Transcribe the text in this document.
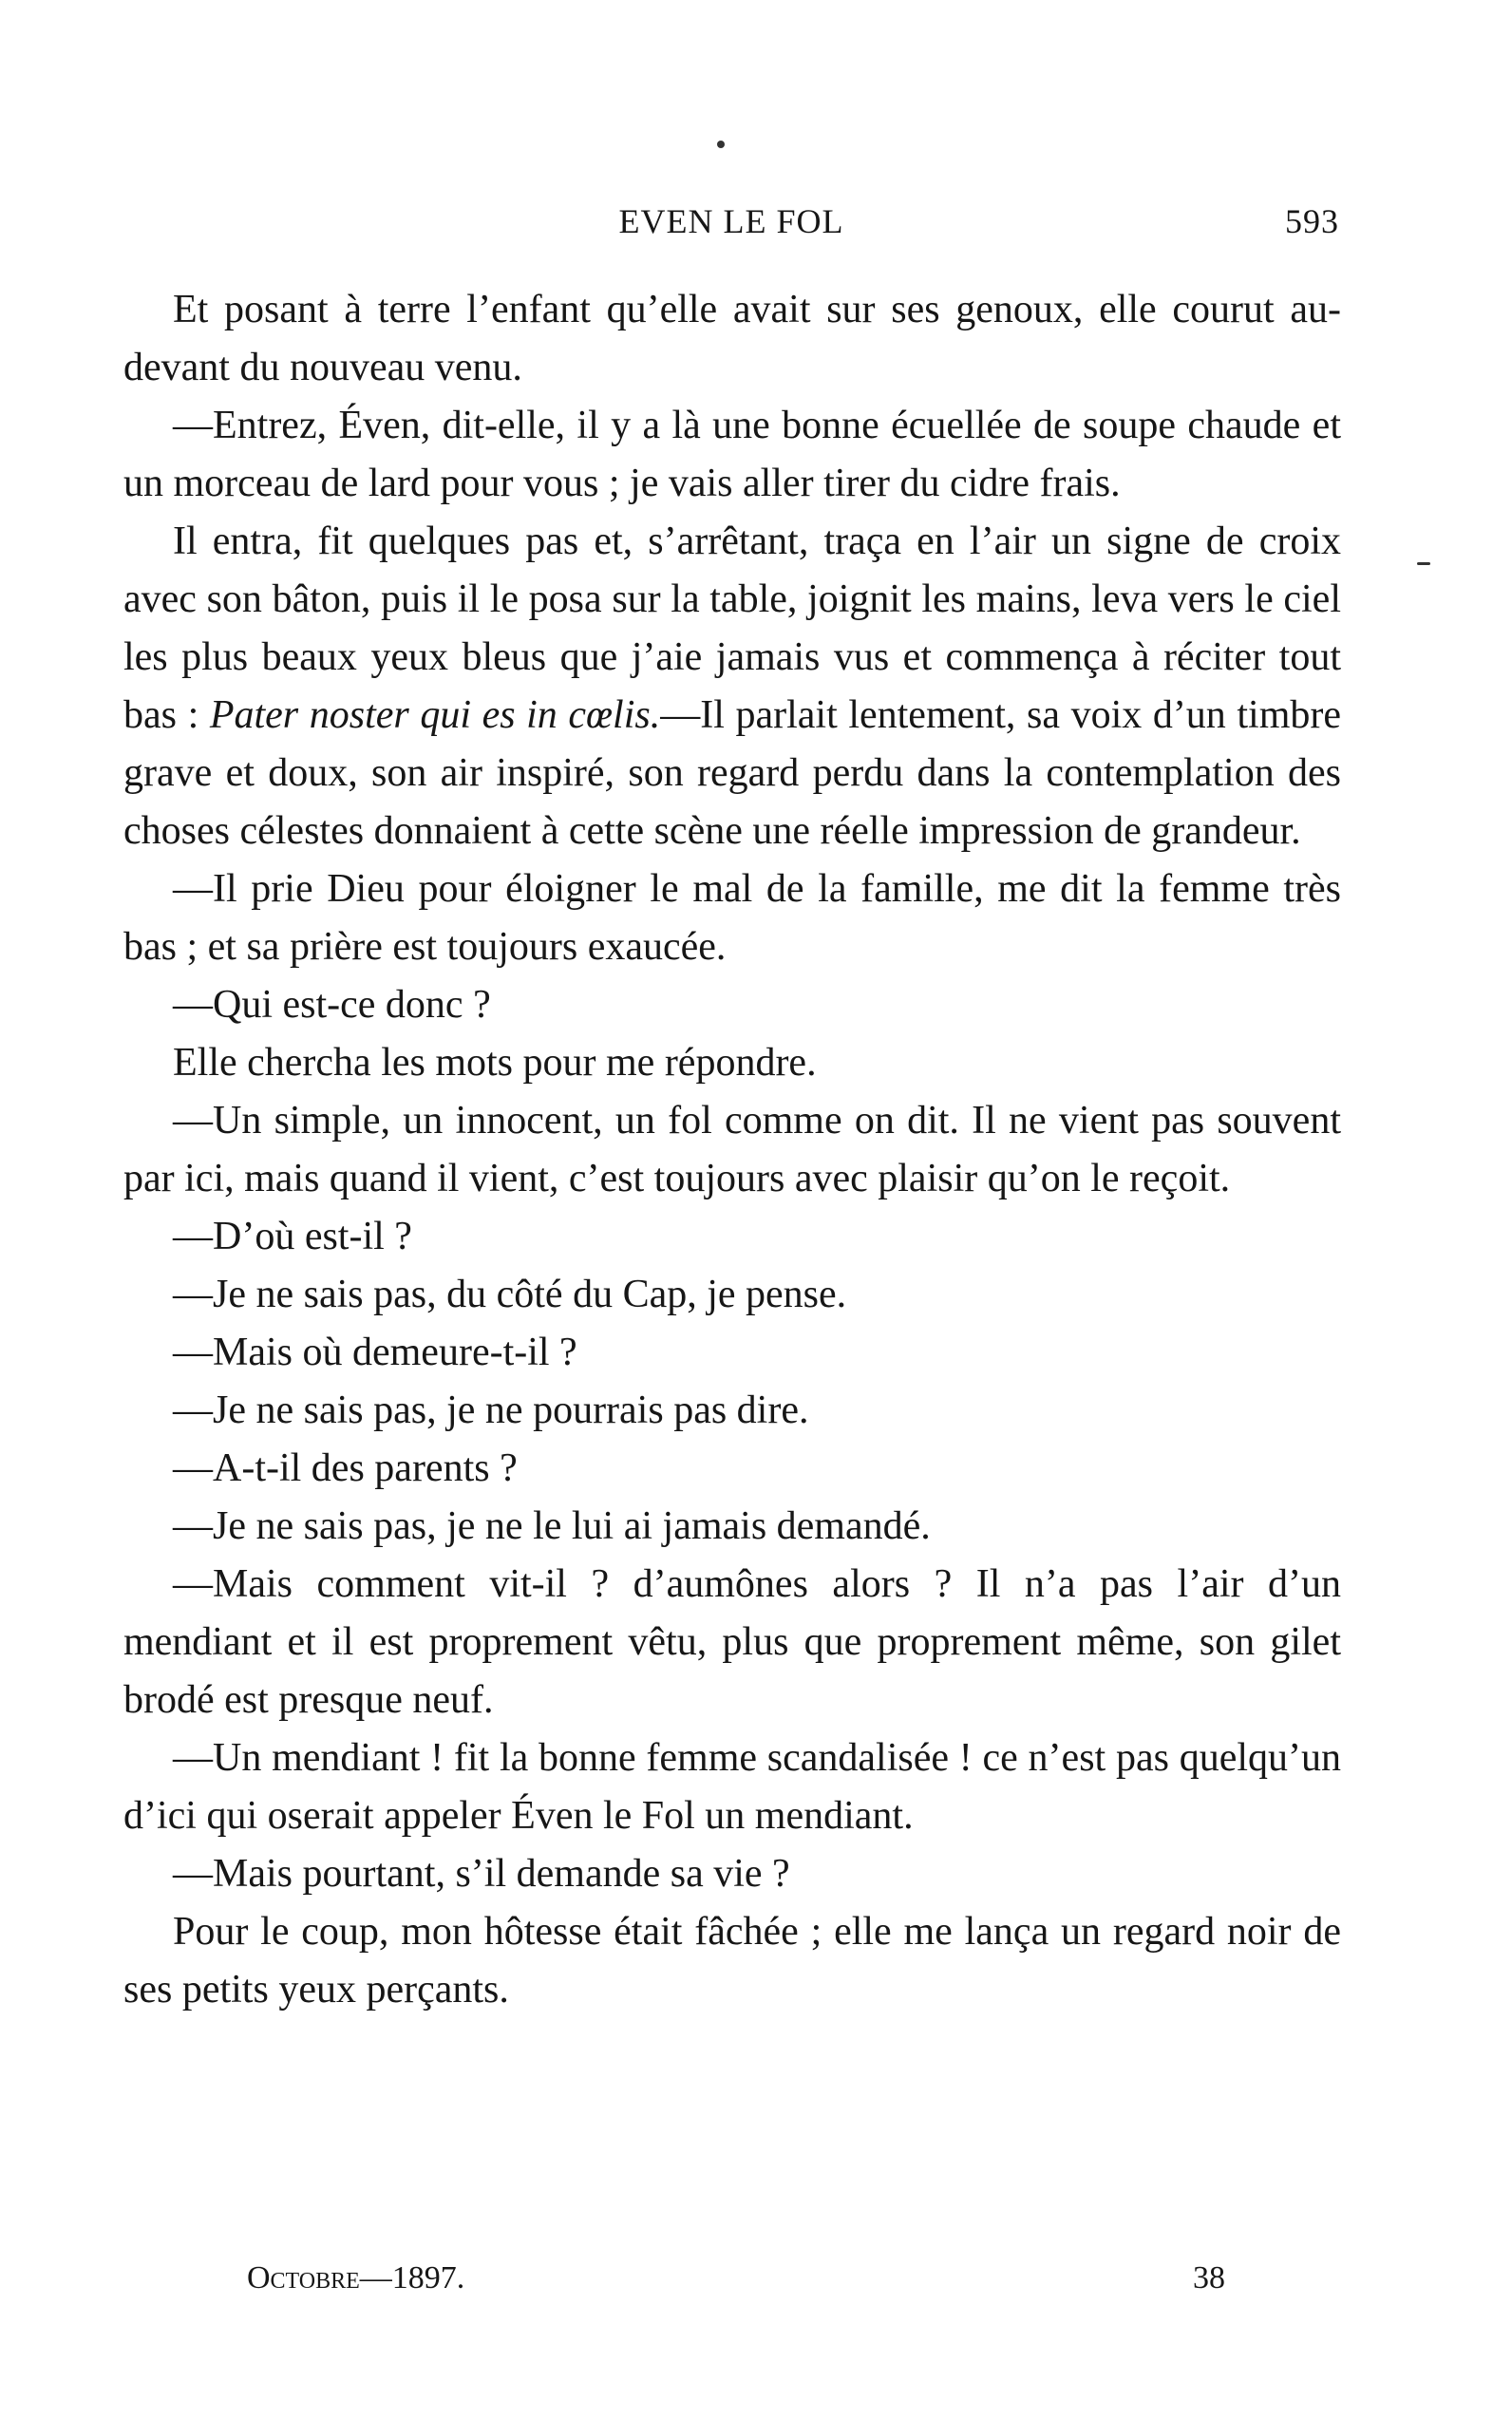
EVEN LE FOL	593

Et posant à terre l’enfant qu’elle avait sur ses genoux, elle courut au-devant du nouveau venu.

—Entrez, Éven, dit-elle, il y a là une bonne écuellée de soupe chaude et un morceau de lard pour vous ; je vais aller tirer du cidre frais.

Il entra, fit quelques pas et, s’arrêtant, traça en l’air un signe de croix avec son bâton, puis il le posa sur la table, joignit les mains, leva vers le ciel les plus beaux yeux bleus que j’aie jamais vus et commença à réciter tout bas : Pater noster qui es in cœlis.—Il parlait lentement, sa voix d’un timbre grave et doux, son air inspiré, son regard perdu dans la contemplation des choses célestes donnaient à cette scène une réelle impression de grandeur.

—Il prie Dieu pour éloigner le mal de la famille, me dit la femme très bas ; et sa prière est toujours exaucée.

—Qui est-ce donc ?

Elle chercha les mots pour me répondre.

—Un simple, un innocent, un fol comme on dit. Il ne vient pas souvent par ici, mais quand il vient, c’est toujours avec plaisir qu’on le reçoit.

—D’où est-il ?

—Je ne sais pas, du côté du Cap, je pense.

—Mais où demeure-t-il ?

—Je ne sais pas, je ne pourrais pas dire.

—A-t-il des parents ?

—Je ne sais pas, je ne le lui ai jamais demandé.

—Mais comment vit-il ? d’aumônes alors ? Il n’a pas l’air d’un mendiant et il est proprement vêtu, plus que proprement même, son gilet brodé est presque neuf.

—Un mendiant ! fit la bonne femme scandalisée ! ce n’est pas quelqu’un d’ici qui oserait appeler Éven le Fol un mendiant.

—Mais pourtant, s’il demande sa vie ?

Pour le coup, mon hôtesse était fâchée ; elle me lança un regard noir de ses petits yeux perçants.

Octobre—1897.	38
